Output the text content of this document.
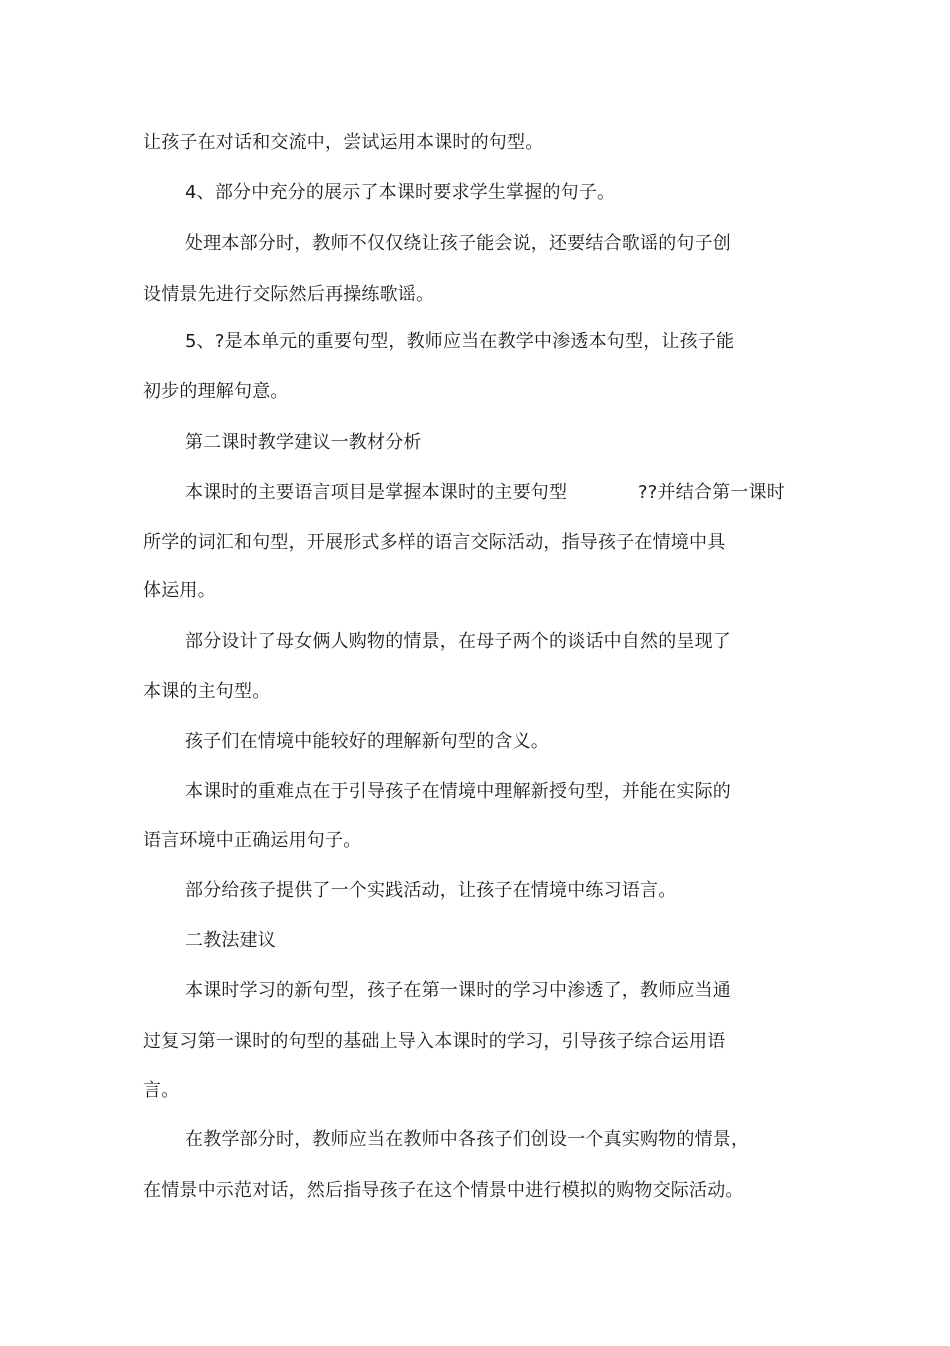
让孩子在对话和交流中，尝试运用本课时的句型。
4、部分中充分的展示了本课时要求学生掌握的句子。
处理本部分时，教师不仅仅绕让孩子能会说，还要结合歌谣的句子创
设情景先进行交际然后再操练歌谣。
5、?是本单元的重要句型，教师应当在教学中渗透本句型，让孩子能
初步的理解句意。
第二课时教学建议一教材分析
本课时的主要语言项目是掌握本课时的主要句型	??并结合第一课时
所学的词汇和句型，开展形式多样的语言交际活动，指导孩子在情境中具
体运用。
部分设计了母女俩人购物的情景，在母子两个的谈话中自然的呈现了
本课的主句型。
孩子们在情境中能较好的理解新句型的含义。
本课时的重难点在于引导孩子在情境中理解新授句型，并能在实际的
语言环境中正确运用句子。
部分给孩子提供了一个实践活动，让孩子在情境中练习语言。
二教法建议
本课时学习的新句型，孩子在第一课时的学习中渗透了，教师应当通
过复习第一课时的句型的基础上导入本课时的学习，引导孩子综合运用语
言。
在教学部分时，教师应当在教师中各孩子们创设一个真实购物的情景，
在情景中示范对话，然后指导孩子在这个情景中进行模拟的购物交际活动。
